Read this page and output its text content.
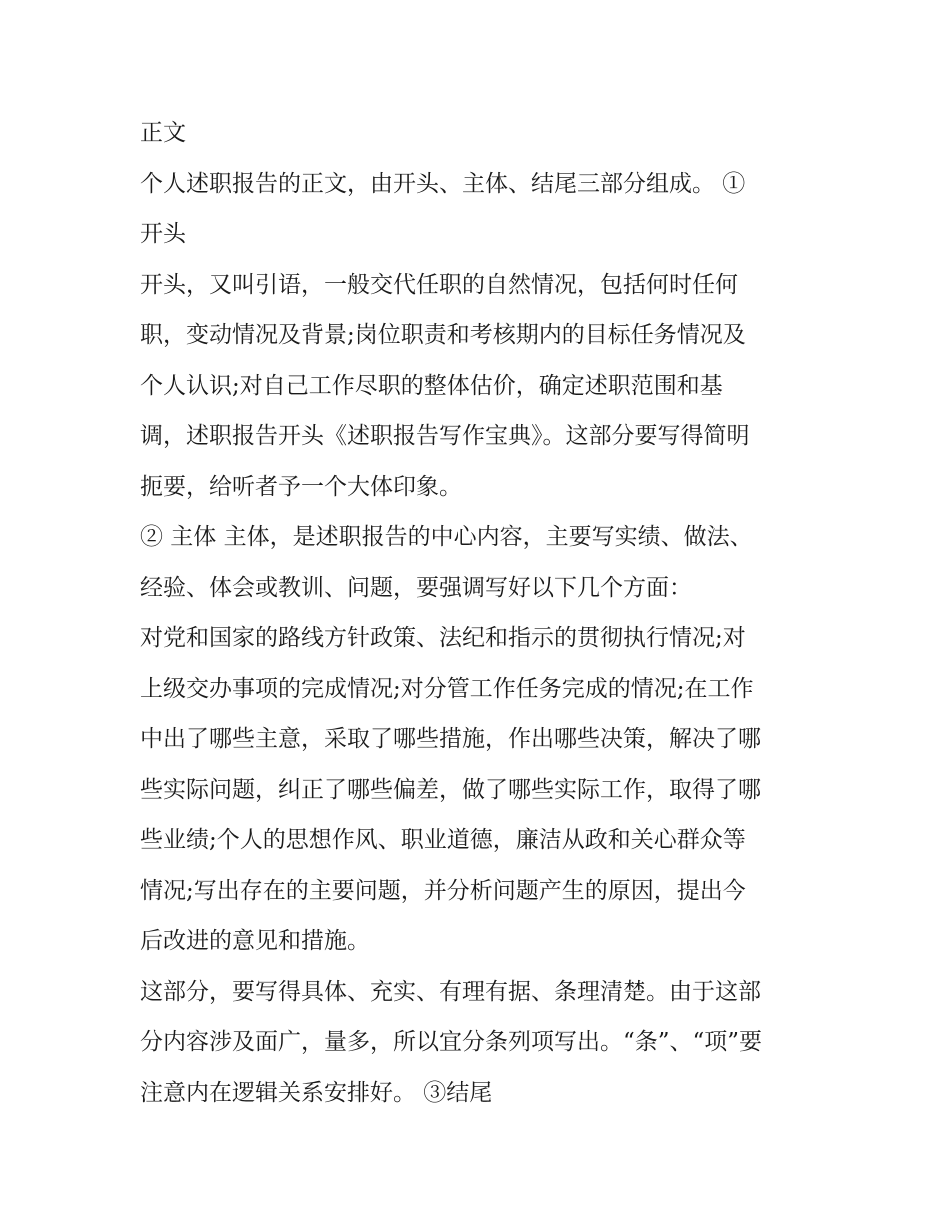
正文
个人述职报告的正文，由开头、主体、结尾三部分组成。 ①
开头
开头，又叫引语，一般交代任职的自然情况，包括何时任何
职，变动情况及背景;岗位职责和考核期内的目标任务情况及
个人认识;对自己工作尽职的整体估价，确定述职范围和基
调，述职报告开头《述职报告写作宝典》。这部分要写得简明
扼要，给听者予一个大体印象。
② 主体 主体，是述职报告的中心内容，主要写实绩、做法、
经验、体会或教训、问题，要强调写好以下几个方面：
对党和国家的路线方针政策、法纪和指示的贯彻执行情况;对
上级交办事项的完成情况;对分管工作任务完成的情况;在工作
中出了哪些主意，采取了哪些措施，作出哪些决策，解决了哪
些实际问题，纠正了哪些偏差，做了哪些实际工作，取得了哪
些业绩;个人的思想作风、职业道德，廉洁从政和关心群众等
情况;写出存在的主要问题，并分析问题产生的原因，提出今
后改进的意见和措施。
这部分，要写得具体、充实、有理有据、条理清楚。由于这部
分内容涉及面广，量多，所以宜分条列项写出。“条”、“项”要
注意内在逻辑关系安排好。 ③结尾
